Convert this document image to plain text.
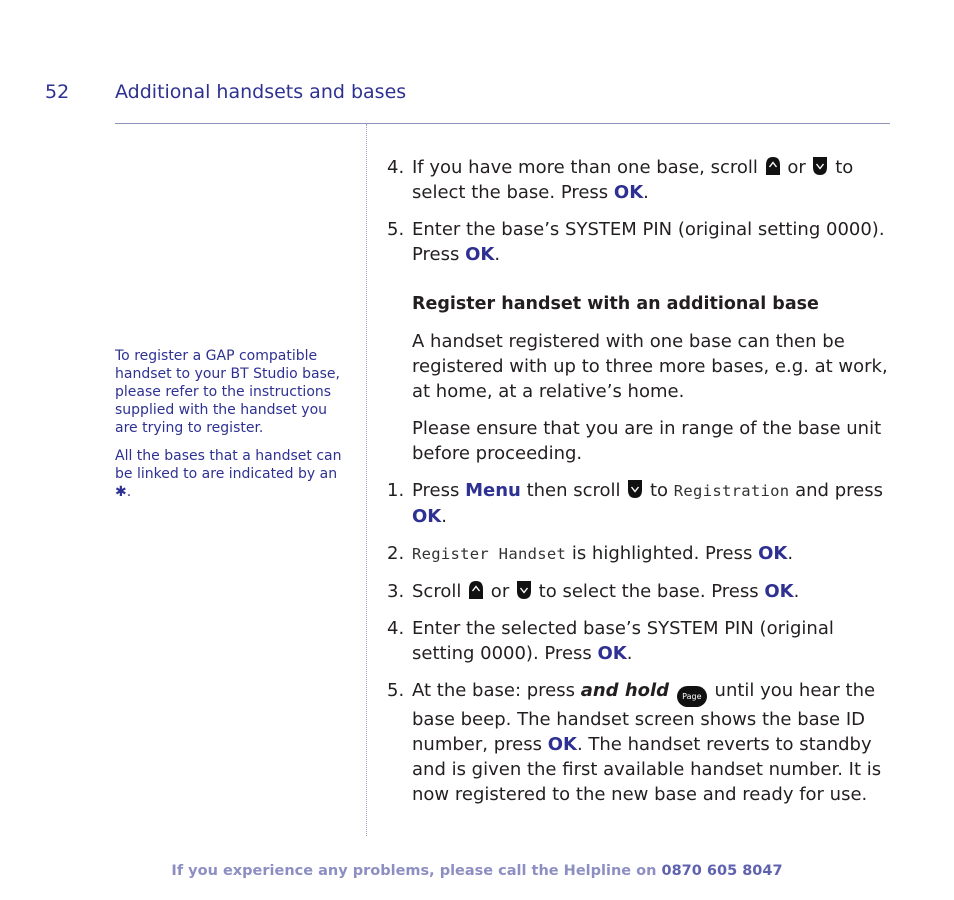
52 Additional handsets and bases

To register a GAP compatible handset to your BT Studio base, please refer to the instructions supplied with the handset you are trying to register.

All the bases that a handset can be linked to are indicated by an ✱.

4. If you have more than one base, scroll  or  to select the base. Press OK.

5. Enter the base’s SYSTEM PIN (original setting 0000). Press OK.

Register handset with an additional base

A handset registered with one base can then be registered with up to three more bases, e.g. at work, at home, at a relative’s home.

Please ensure that you are in range of the base unit before proceeding.

1. Press Menu then scroll  to Registration and press OK.

2. Register Handset is highlighted. Press OK.

3. Scroll  or  to select the base. Press OK.

4. Enter the selected base’s SYSTEM PIN (original setting 0000). Press OK.

5. At the base: press and hold Page until you hear the base beep. The handset screen shows the base ID number, press OK. The handset reverts to standby and is given the first available handset number. It is now registered to the new base and ready for use.

If you experience any problems, please call the Helpline on 0870 605 8047
